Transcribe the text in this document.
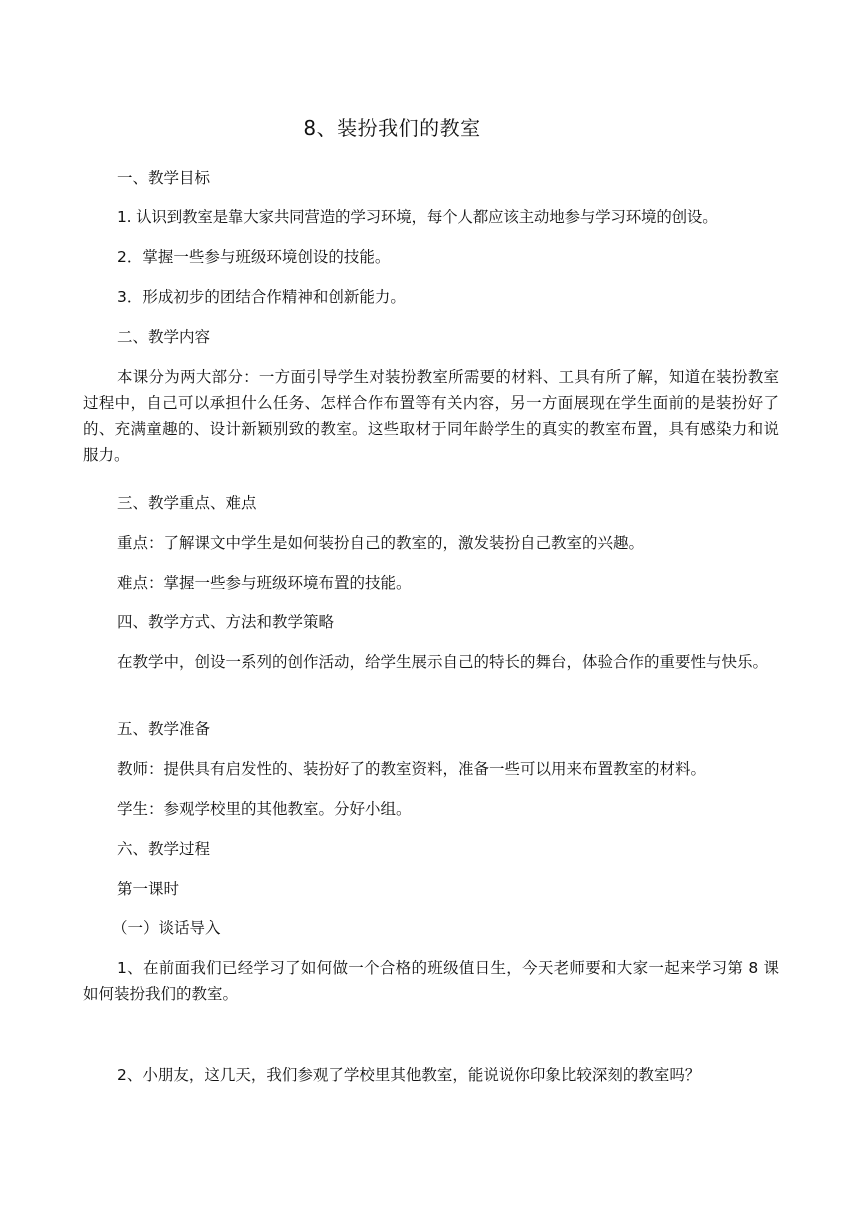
8、装扮我们的教室
一、教学目标
1. 认识到教室是靠大家共同营造的学习环境，每个人都应该主动地参与学习环境的创设。
2．掌握一些参与班级环境创设的技能。
3．形成初步的团结合作精神和创新能力。
二、教学内容
本课分为两大部分：一方面引导学生对装扮教室所需要的材料、工具有所了解，知道在装扮教室过程中，自己可以承担什么任务、怎样合作布置等有关内容，另一方面展现在学生面前的是装扮好了的、充满童趣的、设计新颖别致的教室。这些取材于同年龄学生的真实的教室布置，具有感染力和说服力。
三、教学重点、难点
重点：了解课文中学生是如何装扮自己的教室的，激发装扮自己教室的兴趣。
难点：掌握一些参与班级环境布置的技能。
四、教学方式、方法和教学策略
在教学中，创设一系列的创作活动，给学生展示自己的特长的舞台，体验合作的重要性与快乐。
五、教学准备
教师：提供具有启发性的、装扮好了的教室资料，准备一些可以用来布置教室的材料。
学生：参观学校里的其他教室。分好小组。
六、教学过程
第一课时
（一）谈话导入
1、在前面我们已经学习了如何做一个合格的班级值日生，今天老师要和大家一起来学习第 8 课如何装扮我们的教室。
2、小朋友，这几天，我们参观了学校里其他教室，能说说你印象比较深刻的教室吗？
